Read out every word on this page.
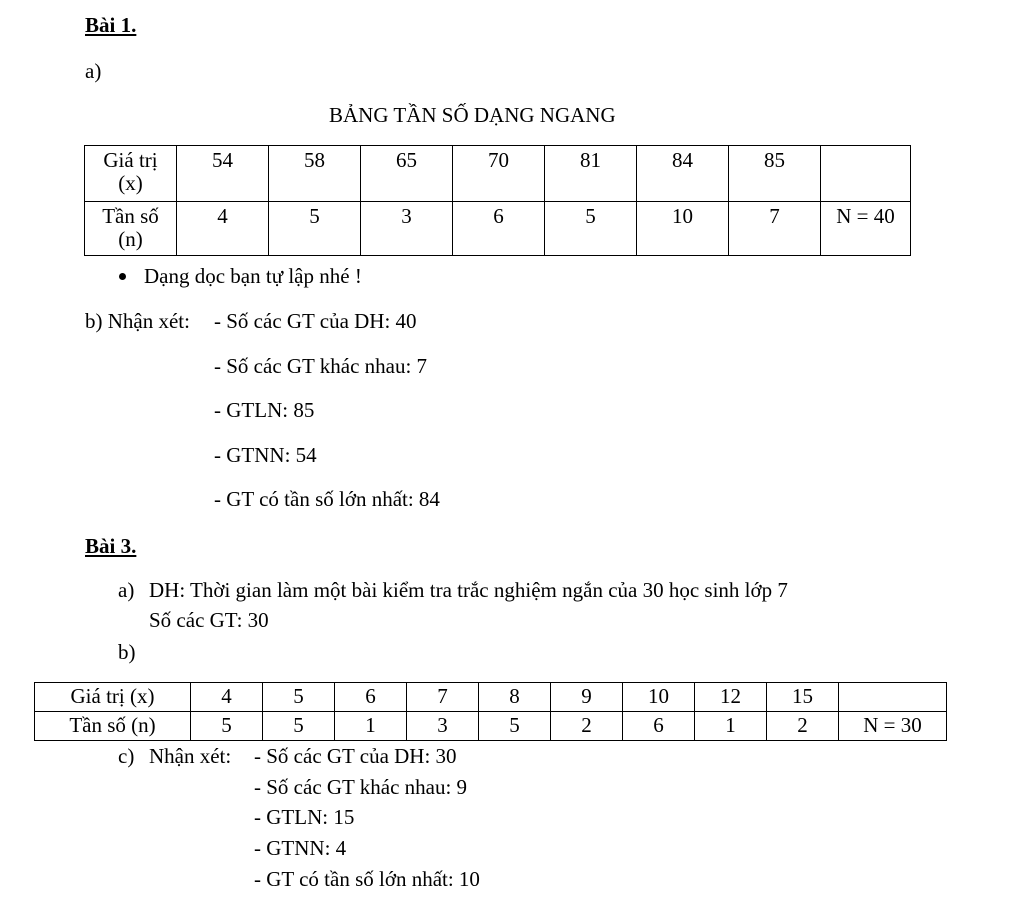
Bài 1.
a)
BẢNG TẦN SỐ DẠNG NGANG
Giá trị
(x)	54	58	65	70	81	84	85	
Tần số
(n)	4	5	3	6	5	10	7	N = 40
Dạng dọc bạn tự lập nhé !
b) Nhận xét: - Số các GT của DH: 40
- Số các GT khác nhau: 7
- GTLN: 85
- GTNN: 54
- GT có tần số lớn nhất: 84
Bài 3.
a) DH: Thời gian làm một bài kiểm tra trắc nghiệm ngắn của 30 học sinh lớp 7
Số các GT: 30
b)
Giá trị (x)	4	5	6	7	8	9	10	12	15	
Tần số (n)	5	5	1	3	5	2	6	1	2	N = 30
c) Nhận xét: - Số các GT của DH: 30
- Số các GT khác nhau: 9
- GTLN: 15
- GTNN: 4
- GT có tần số lớn nhất: 10
